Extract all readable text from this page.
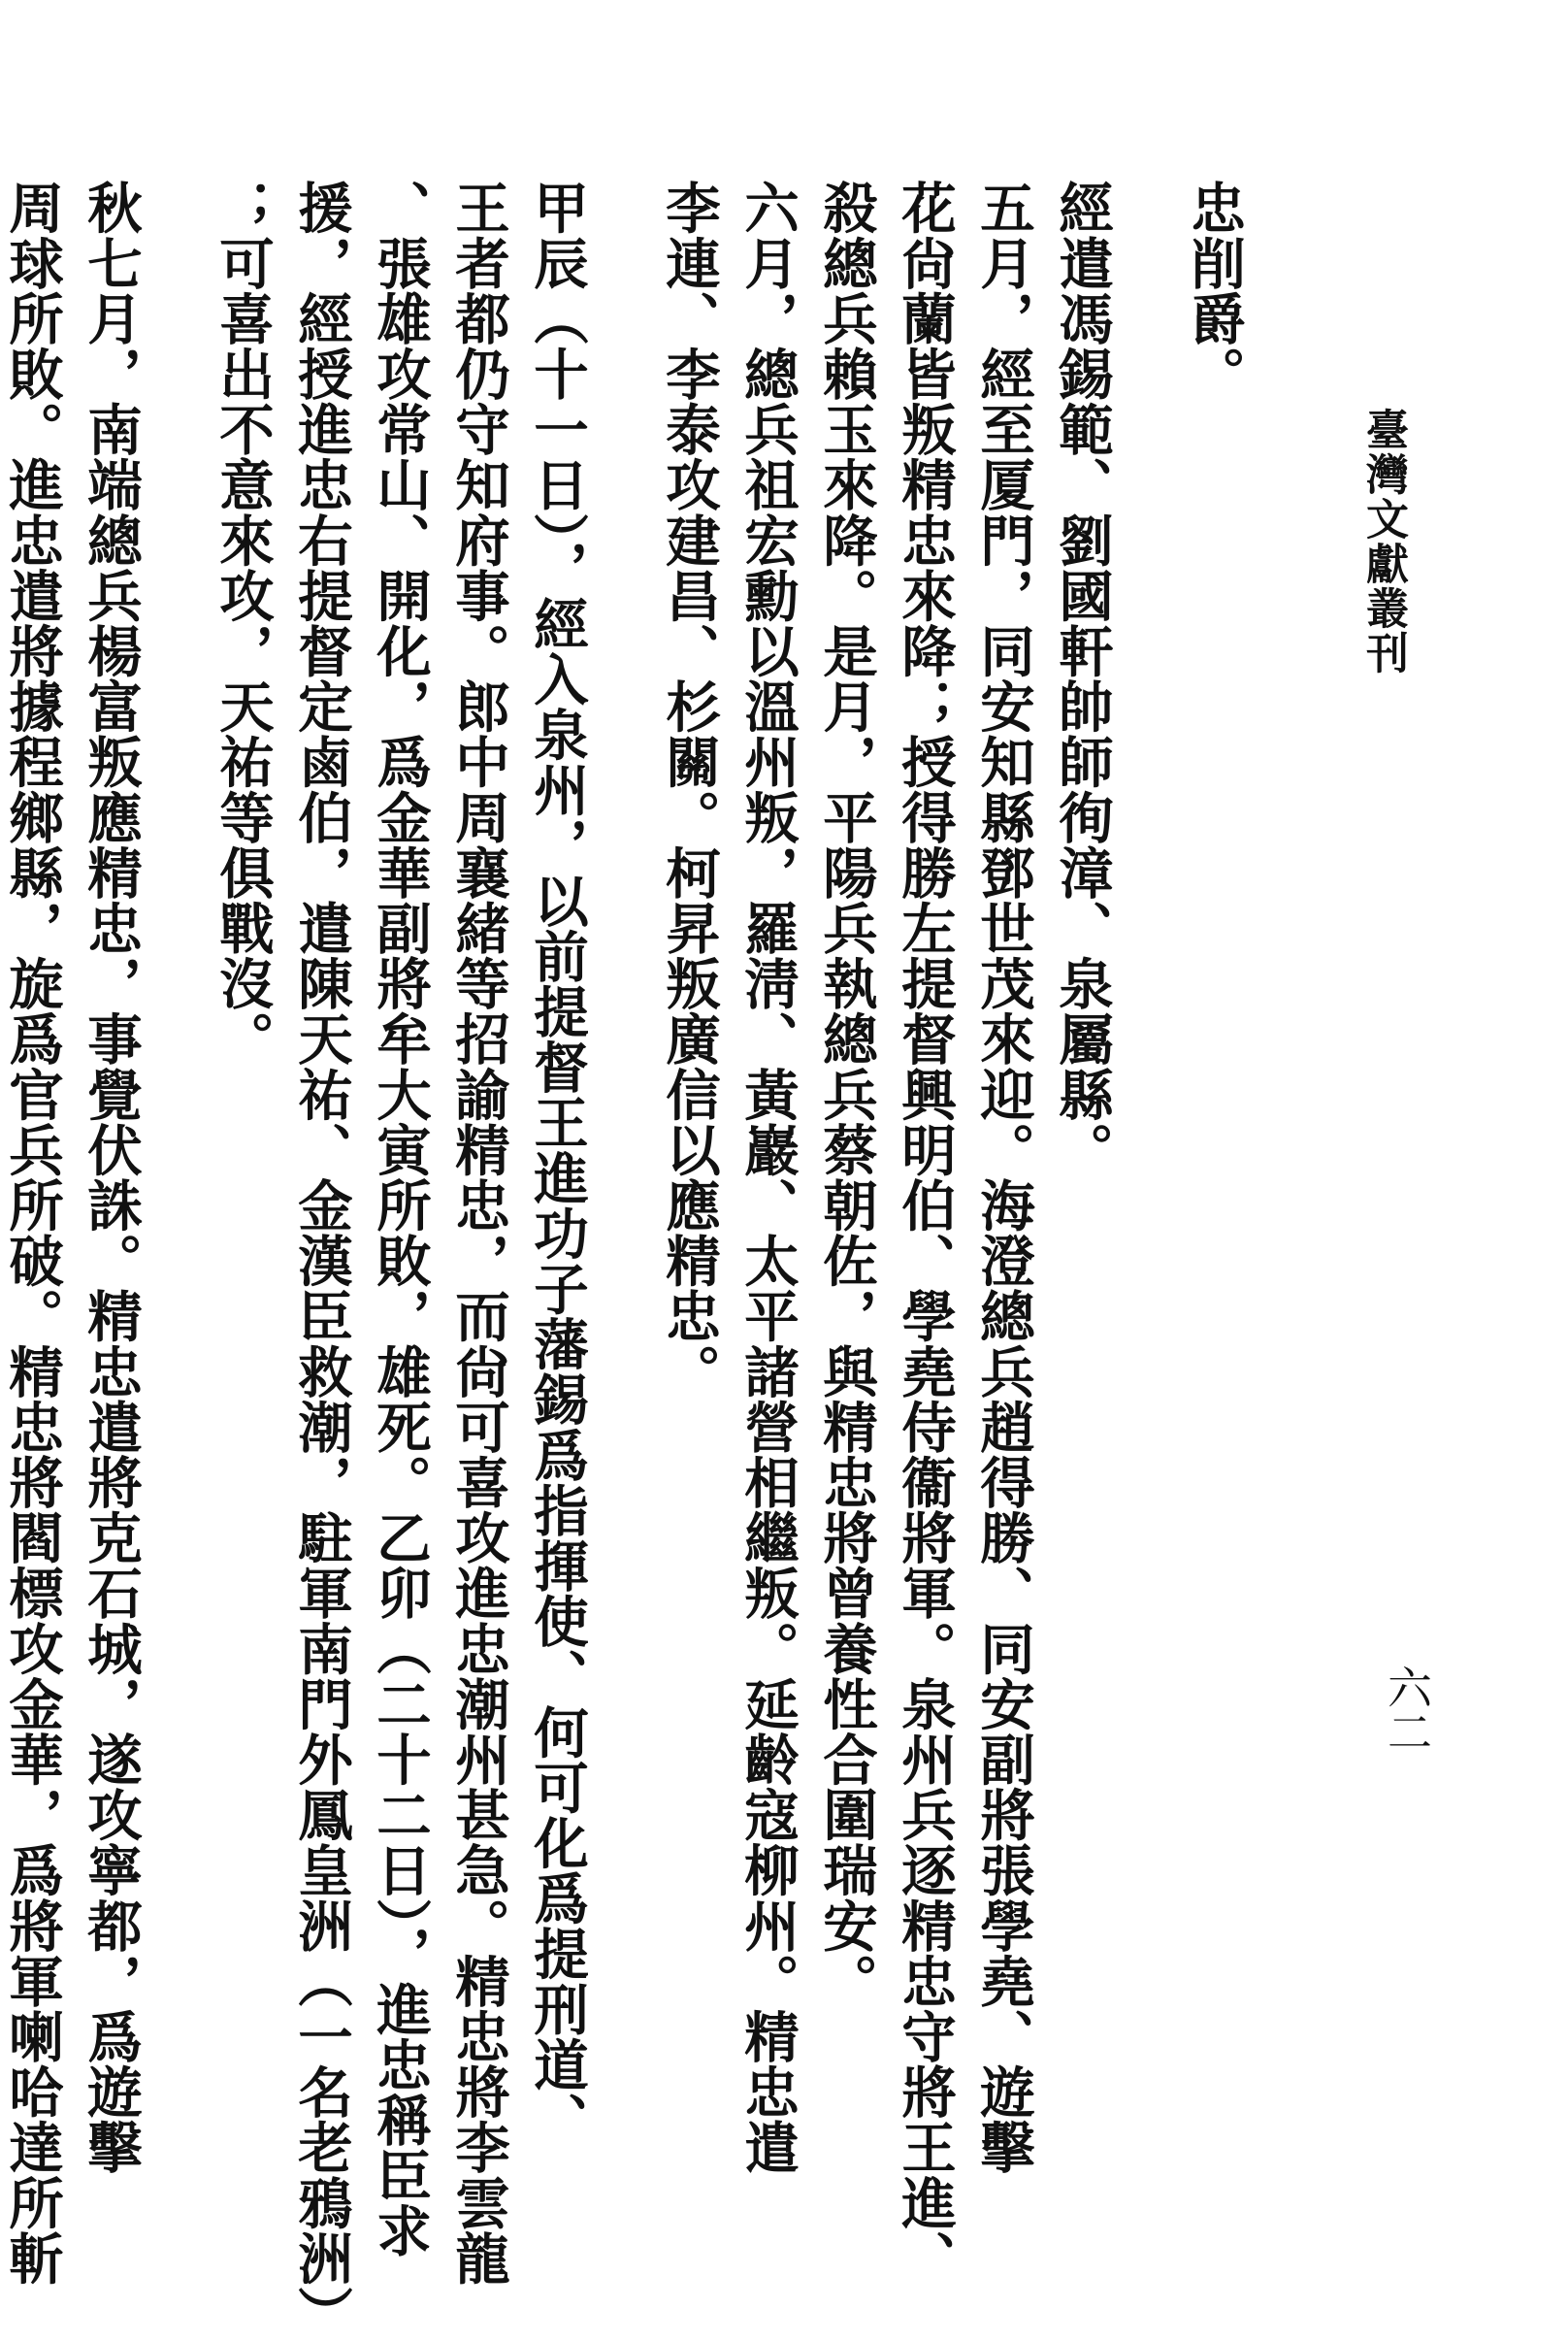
臺灣文獻叢刊
六二
忠削爵。
經遣馮錫範、劉國軒帥師徇漳、泉屬縣。
五月，經至厦門，同安知縣鄧世茂來迎。海澄總兵趙得勝、同安副將張學堯、遊擊
花尙蘭皆叛精忠來降；授得勝左提督興明伯、學堯侍衞將軍。泉州兵逐精忠守將王進、
殺總兵賴玉來降。是月，平陽兵執總兵蔡朝佐，與精忠將曾養性合圍瑞安。
六月，總兵祖宏勳以溫州叛，羅淸、黃巖、太平諸營相繼叛。延齡寇柳州。精忠遣
李連、李泰攻建昌、杉關。柯昇叛廣信以應精忠。
甲辰（十一日），經入泉州，以前提督王進功子藩錫爲指揮使、何可化爲提刑道、
王者都仍守知府事。郎中周襄緒等招諭精忠，而尙可喜攻進忠潮州甚急。精忠將李雲龍
、張雄攻常山、開化，爲金華副將牟大寅所敗，雄死。乙卯（二十二日），進忠稱臣求
援，經授進忠右提督定鹵伯，遣陳天祐、金漢臣救潮，駐軍南門外鳳皇洲（一名老鴉洲）
；可喜出不意來攻，天祐等俱戰沒。
秋七月，南端總兵楊富叛應精忠，事覺伏誅。精忠遣將克石城，遂攻寧都，爲遊擊
周球所敗。進忠遣將據程鄉縣，旋爲官兵所破。精忠將閻標攻金華，爲將軍喇哈達所斬
